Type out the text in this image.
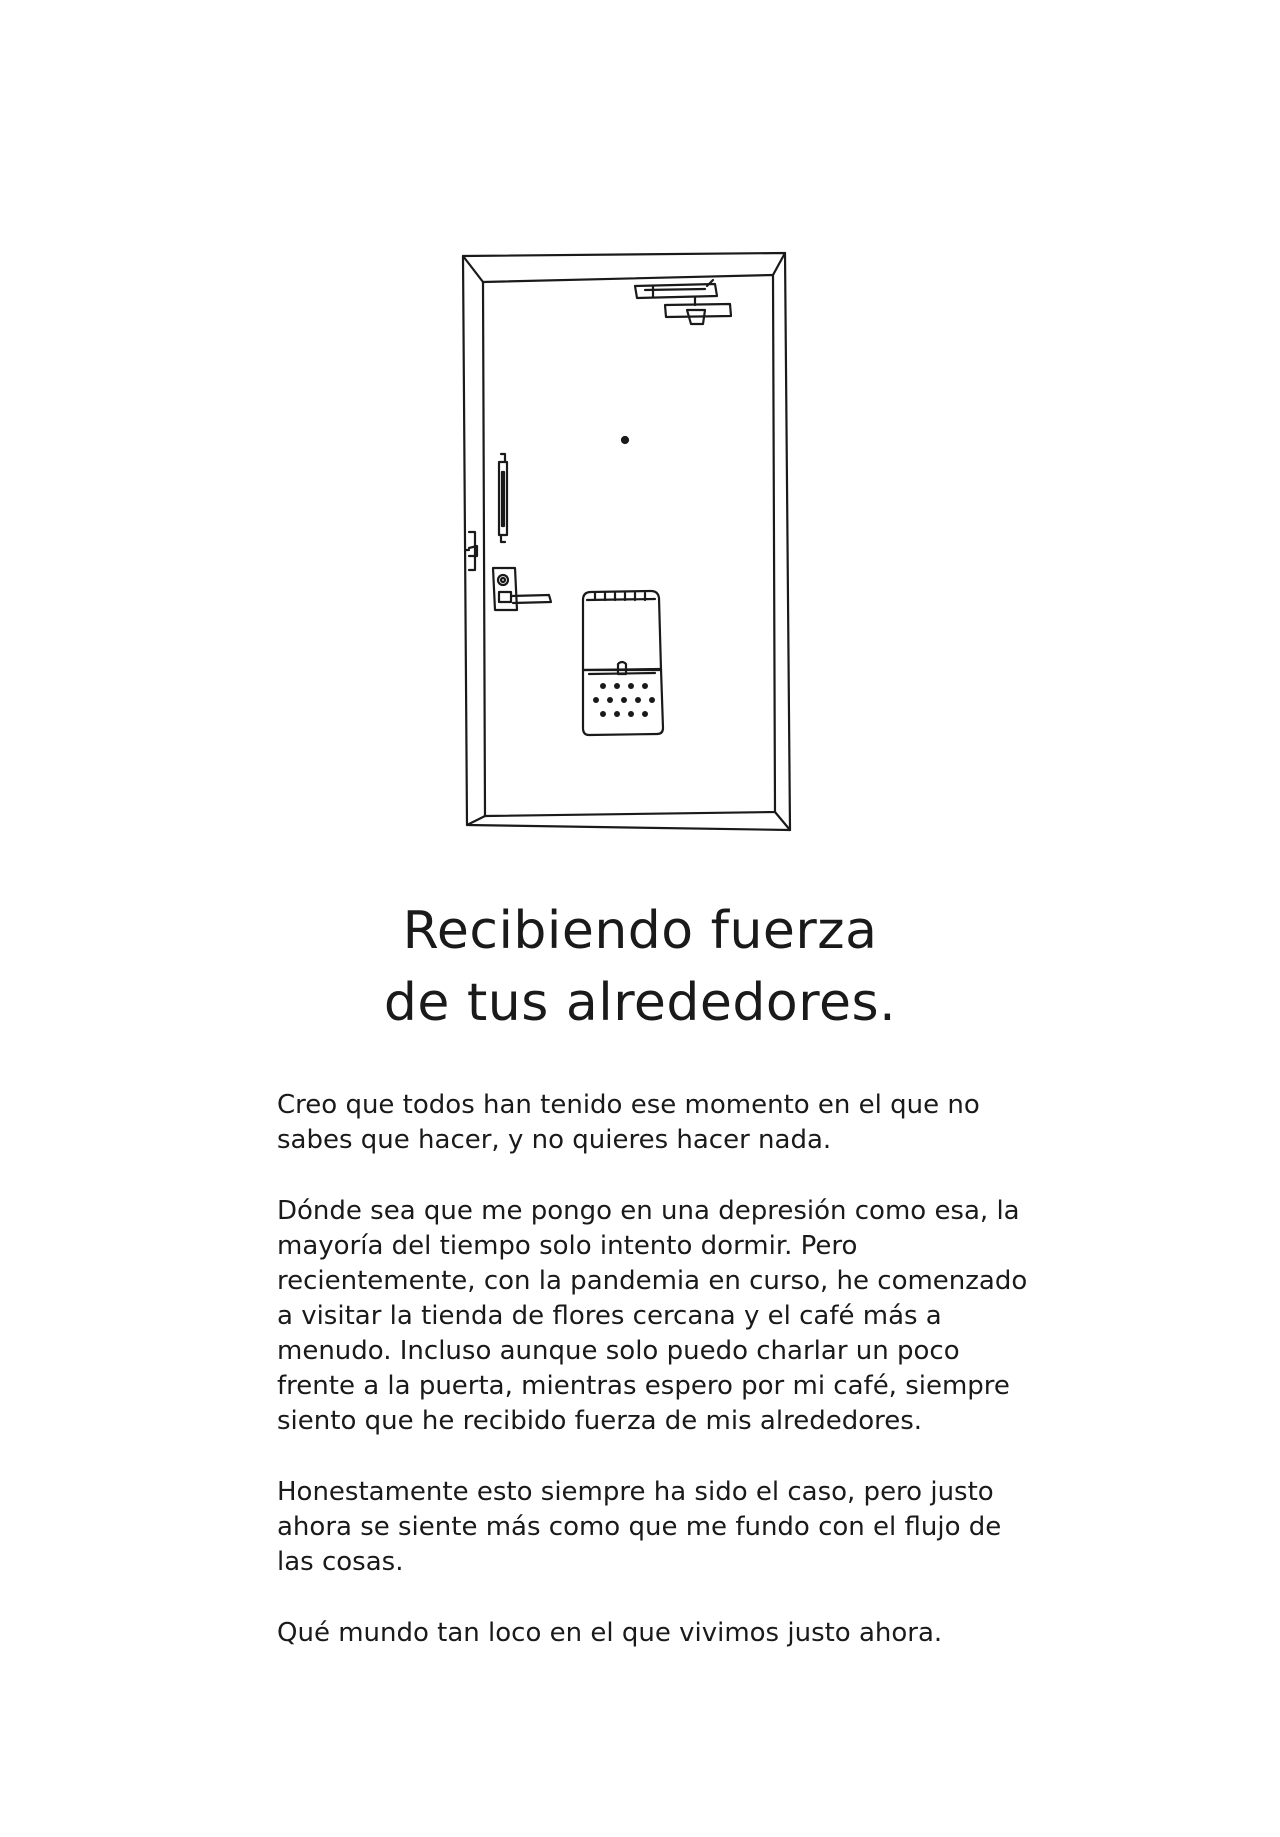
Recibiendo fuerza
de tus alrededores.

Creo que todos han tenido ese momento en el que no sabes que hacer, y no quieres hacer nada.

Dónde sea que me pongo en una depresión como esa, la mayoría del tiempo solo intento dormir. Pero recientemente, con la pandemia en curso, he comenzado a visitar la tienda de flores cercana y el café más a menudo. Incluso aunque solo puedo charlar un poco frente a la puerta, mientras espero por mi café, siempre siento que he recibido fuerza de mis alrededores.

Honestamente esto siempre ha sido el caso, pero justo ahora se siente más como que me fundo con el flujo de las cosas.

Qué mundo tan loco en el que vivimos justo ahora.
